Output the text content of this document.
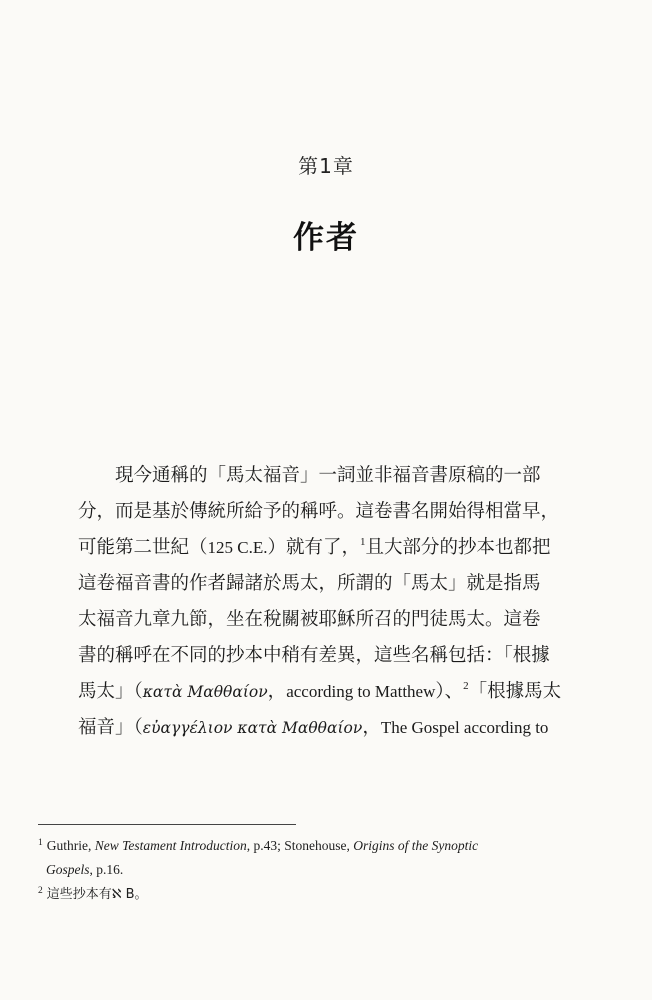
第1章
作者
現今通稱的「馬太福音」一詞並非福音書原稿的一部
分，而是基於傳統所給予的稱呼。這卷書名開始得相當早，
可能第二世紀（125 C.E.）就有了，$^1$且大部分的抄本也都把
這卷福音書的作者歸諸於馬太，所謂的「馬太」就是指馬
太福音九章九節，坐在稅關被耶穌所召的門徒馬太。這卷
書的稱呼在不同的抄本中稍有差異，這些名稱包括：「根據
馬太」（κατὰ Μαθθαίον，according to Matthew）、$^2$「根據馬太
福音」（εὐαγγέλιον κατὰ Μαθθαίον，The Gospel according to
$^1$ Guthrie, New Testament Introduction, p.43; Stonehouse, Origins of the Synoptic
Gospels, p.16.
$^2$ 這些抄本有ℵ B。
